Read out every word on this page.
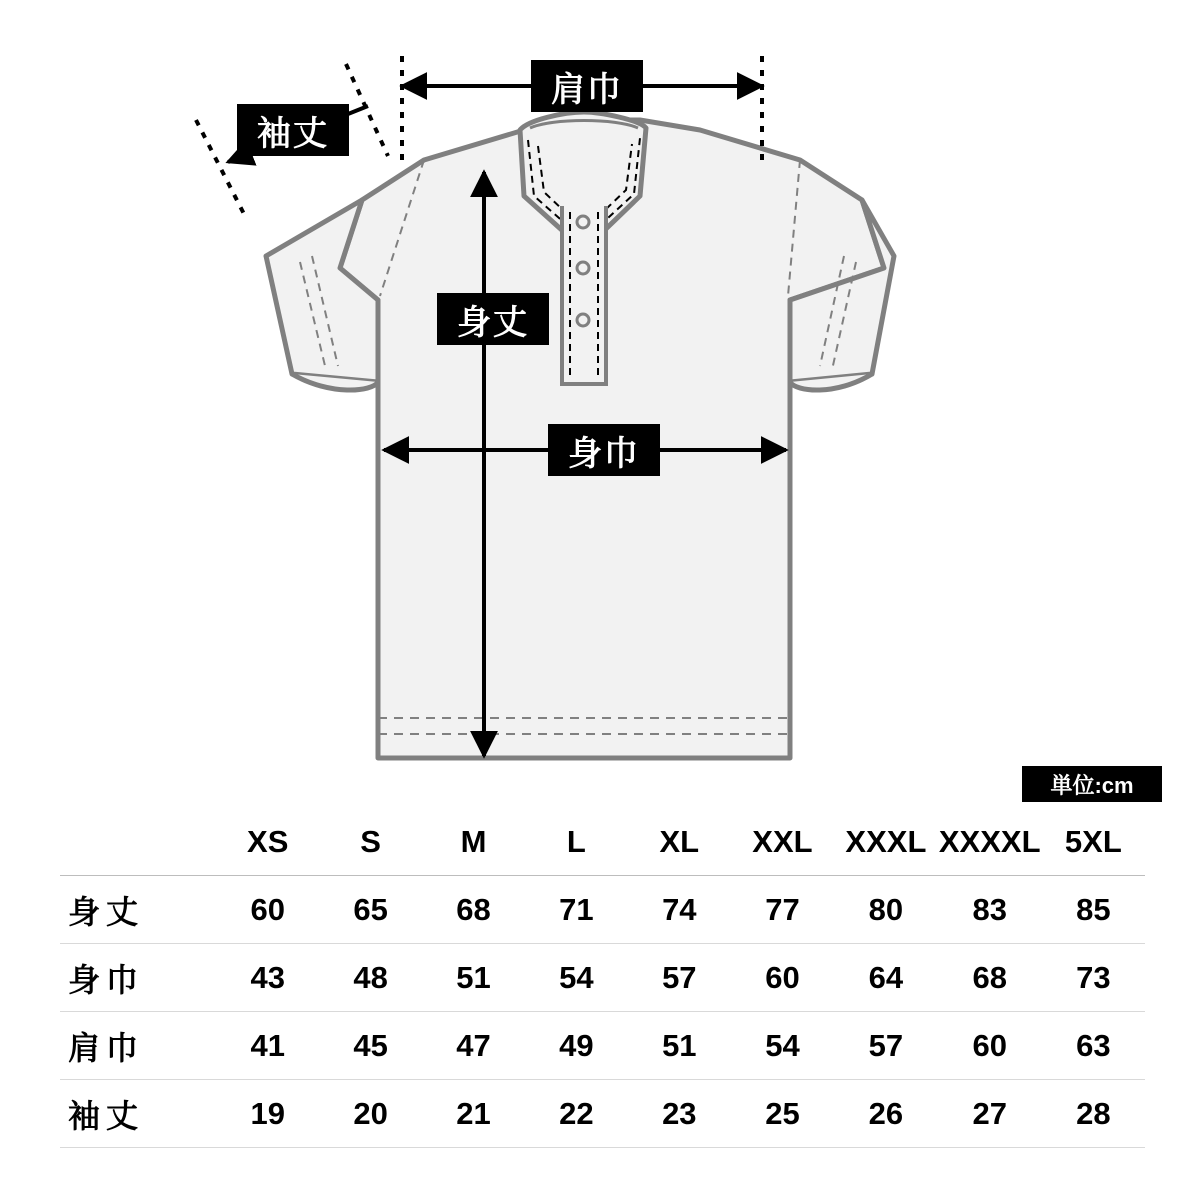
肩巾
袖丈
身丈
身巾
単位:cm
	XS	S	M	L	XL	XXL	XXXL	XXXXL	5XL
身丈	60	65	68	71	74	77	80	83	85
身巾	43	48	51	54	57	60	64	68	73
肩巾	41	45	47	49	51	54	57	60	63
袖丈	19	20	21	22	23	25	26	27	28
